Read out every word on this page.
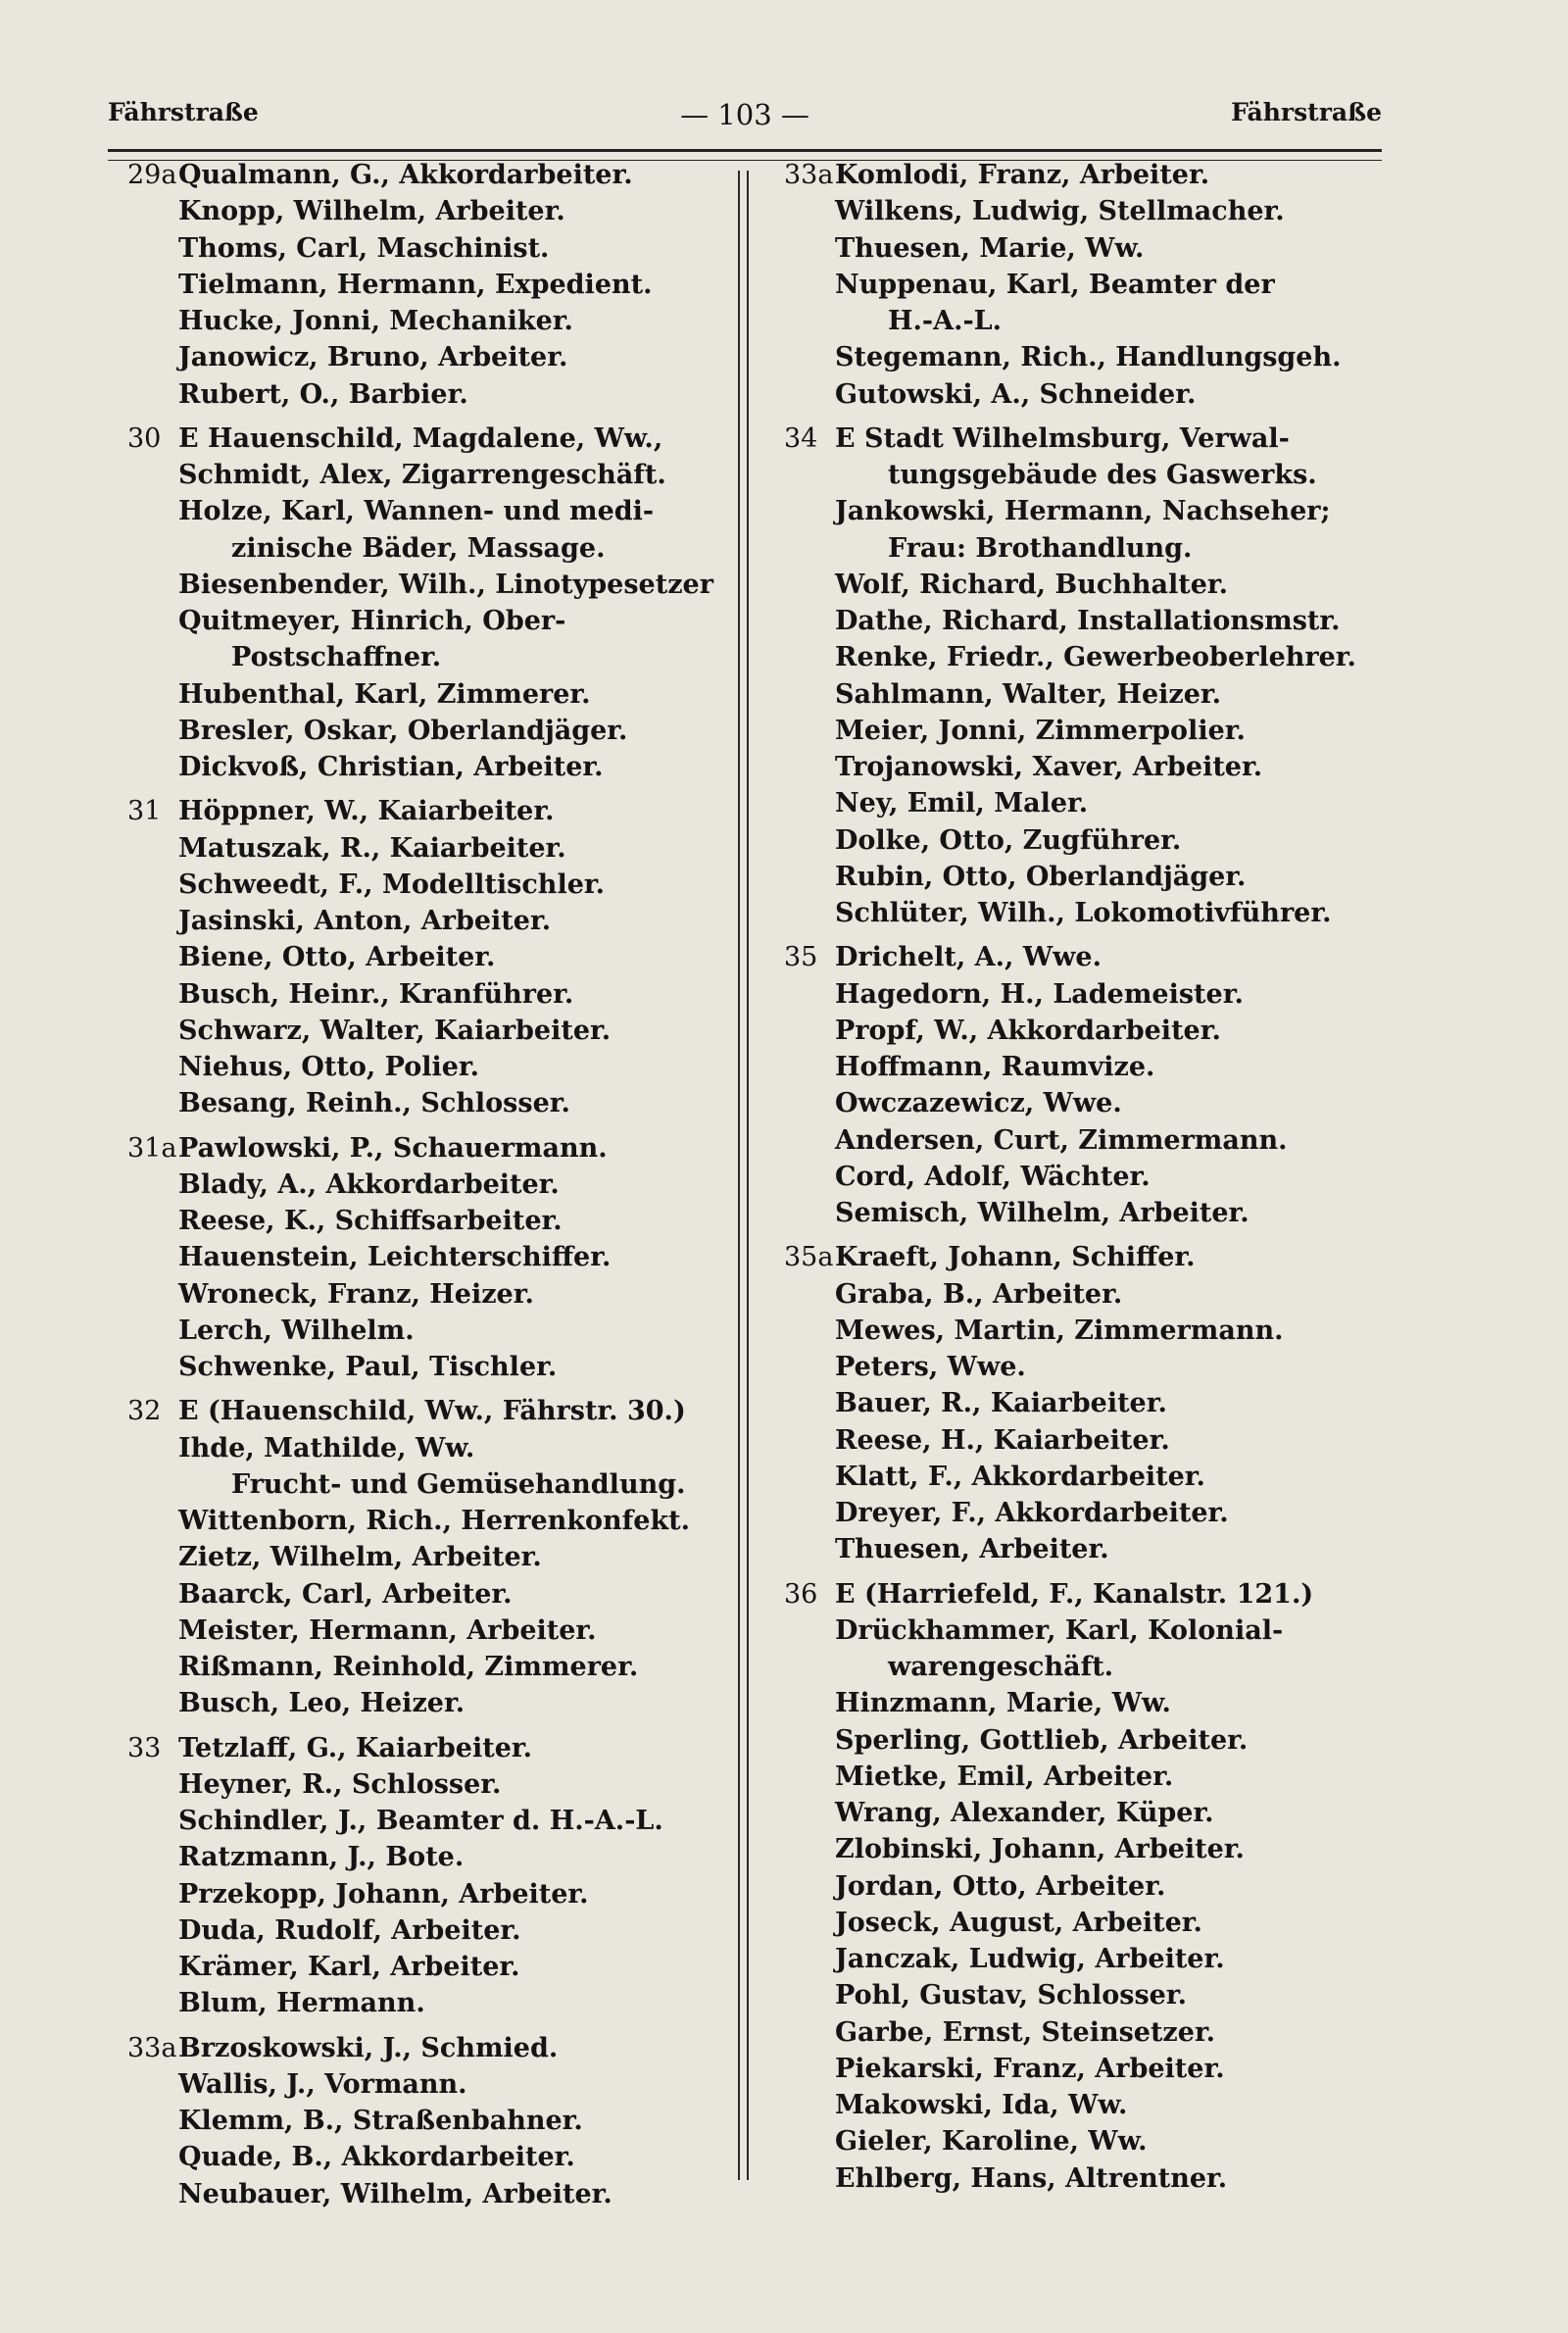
Fährstraße	— 103 —	Fährstraße
29a Qualmann, G., Akkordarbeiter.
Knopp, Wilhelm, Arbeiter.
Thoms, Carl, Maschinist.
Tielmann, Hermann, Expedient.
Hucke, Jonni, Mechaniker.
Janowicz, Bruno, Arbeiter.
Rubert, O., Barbier.
30 E Hauenschild, Magdalene, Ww.,
Schmidt, Alex, Zigarrengeschäft.
Holze, Karl, Wannen- und medi-
zinische Bäder, Massage.
Biesenbender, Wilh., Linotypesetzer
Quitmeyer, Hinrich, Ober-
Postschaffner.
Hubenthal, Karl, Zimmerer.
Bresler, Oskar, Oberlandjäger.
Dickvoß, Christian, Arbeiter.
31 Höppner, W., Kaiarbeiter.
Matuszak, R., Kaiarbeiter.
Schweedt, F., Modelltischler.
Jasinski, Anton, Arbeiter.
Biene, Otto, Arbeiter.
Busch, Heinr., Kranführer.
Schwarz, Walter, Kaiarbeiter.
Niehus, Otto, Polier.
Besang, Reinh., Schlosser.
31a Pawlowski, P., Schauermann.
Blady, A., Akkordarbeiter.
Reese, K., Schiffsarbeiter.
Hauenstein, Leichterschiffer.
Wroneck, Franz, Heizer.
Lerch, Wilhelm.
Schwenke, Paul, Tischler.
32 E (Hauenschild, Ww., Fährstr. 30.)
Ihde, Mathilde, Ww.
Frucht- und Gemüsehandlung.
Wittenborn, Rich., Herrenkonfekt.
Zietz, Wilhelm, Arbeiter.
Baarck, Carl, Arbeiter.
Meister, Hermann, Arbeiter.
Rißmann, Reinhold, Zimmerer.
Busch, Leo, Heizer.
33 Tetzlaff, G., Kaiarbeiter.
Heyner, R., Schlosser.
Schindler, J., Beamter d. H.-A.-L.
Ratzmann, J., Bote.
Przekopp, Johann, Arbeiter.
Duda, Rudolf, Arbeiter.
Krämer, Karl, Arbeiter.
Blum, Hermann.
33a Brzoskowski, J., Schmied.
Wallis, J., Vormann.
Klemm, B., Straßenbahner.
Quade, B., Akkordarbeiter.
Neubauer, Wilhelm, Arbeiter.
33a Komlodi, Franz, Arbeiter.
Wilkens, Ludwig, Stellmacher.
Thuesen, Marie, Ww.
Nuppenau, Karl, Beamter der
H.-A.-L.
Stegemann, Rich., Handlungsgeh.
Gutowski, A., Schneider.
34 E Stadt Wilhelmsburg, Verwal-
tungsgebäude des Gaswerks.
Jankowski, Hermann, Nachseher;
Frau: Brothandlung.
Wolf, Richard, Buchhalter.
Dathe, Richard, Installationsmstr.
Renke, Friedr., Gewerbeoberlehrer.
Sahlmann, Walter, Heizer.
Meier, Jonni, Zimmerpolier.
Trojanowski, Xaver, Arbeiter.
Ney, Emil, Maler.
Dolke, Otto, Zugführer.
Rubin, Otto, Oberlandjäger.
Schlüter, Wilh., Lokomotivführer.
35 Drichelt, A., Wwe.
Hagedorn, H., Lademeister.
Propf, W., Akkordarbeiter.
Hoffmann, Raumvize.
Owczazewicz, Wwe.
Andersen, Curt, Zimmermann.
Cord, Adolf, Wächter.
Semisch, Wilhelm, Arbeiter.
35a Kraeft, Johann, Schiffer.
Graba, B., Arbeiter.
Mewes, Martin, Zimmermann.
Peters, Wwe.
Bauer, R., Kaiarbeiter.
Reese, H., Kaiarbeiter.
Klatt, F., Akkordarbeiter.
Dreyer, F., Akkordarbeiter.
Thuesen, Arbeiter.
36 E (Harriefeld, F., Kanalstr. 121.)
Drückhammer, Karl, Kolonial-
warengeschäft.
Hinzmann, Marie, Ww.
Sperling, Gottlieb, Arbeiter.
Mietke, Emil, Arbeiter.
Wrang, Alexander, Küper.
Zlobinski, Johann, Arbeiter.
Jordan, Otto, Arbeiter.
Joseck, August, Arbeiter.
Janczak, Ludwig, Arbeiter.
Pohl, Gustav, Schlosser.
Garbe, Ernst, Steinsetzer.
Piekarski, Franz, Arbeiter.
Makowski, Ida, Ww.
Gieler, Karoline, Ww.
Ehlberg, Hans, Altrentner.
